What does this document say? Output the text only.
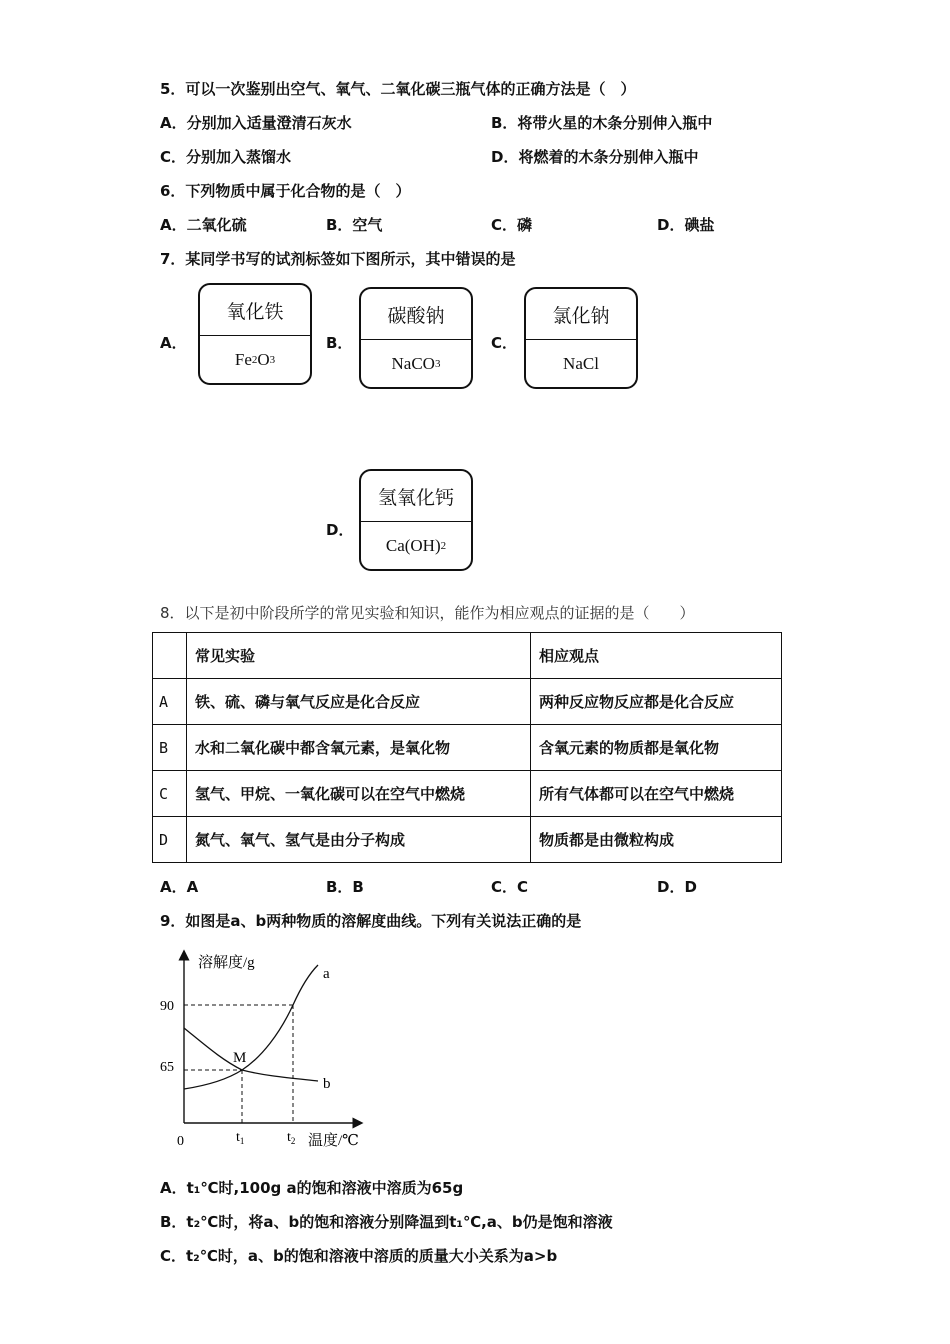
5．可以一次鉴别出空气、氧气、二氧化碳三瓶气体的正确方法是（　）
A．分别加入适量澄清石灰水	B．将带火星的木条分别伸入瓶中
C．分别加入蒸馏水	D．将燃着的木条分别伸入瓶中
6．下列物质中属于化合物的是（　）
A．二氧化硫	B．空气	C．磷	D．碘盐
7．某同学书写的试剂标签如下图所示，其中错误的是
A．
氧化铁
Fe 2 O 3
B．
碳酸钠
NaCO 3
C．
氯化钠
NaCl
D．
氢氧化钙
Ca(OH) 2
8．以下是初中阶段所学的常见实验和知识，能作为相应观点的证据的是（　　）
	常见实验	相应观点
A	铁、硫、磷与氧气反应是化合反应	两种反应物反应都是化合反应
B	水和二氧化碳中都含氧元素，是氧化物	含氧元素的物质都是氧化物
C	氢气、甲烷、一氧化碳可以在空气中燃烧	所有气体都可以在空气中燃烧
D	氮气、氧气、氢气是由分子构成	物质都是由微粒构成
A．A	B．B	C．C	D．D
9．如图是a、b两种物质的溶解度曲线。下列有关说法正确的是
溶解度/g
温度/℃
0
90
65
$t_1$	$t_2$
M
a
b
A．t₁℃时,100g a的饱和溶液中溶质为65g
B．t₂℃时，将a、b的饱和溶液分别降温到t₁℃,a、b仍是饱和溶液
C．t₂℃时，a、b的饱和溶液中溶质的质量大小关系为a>b
